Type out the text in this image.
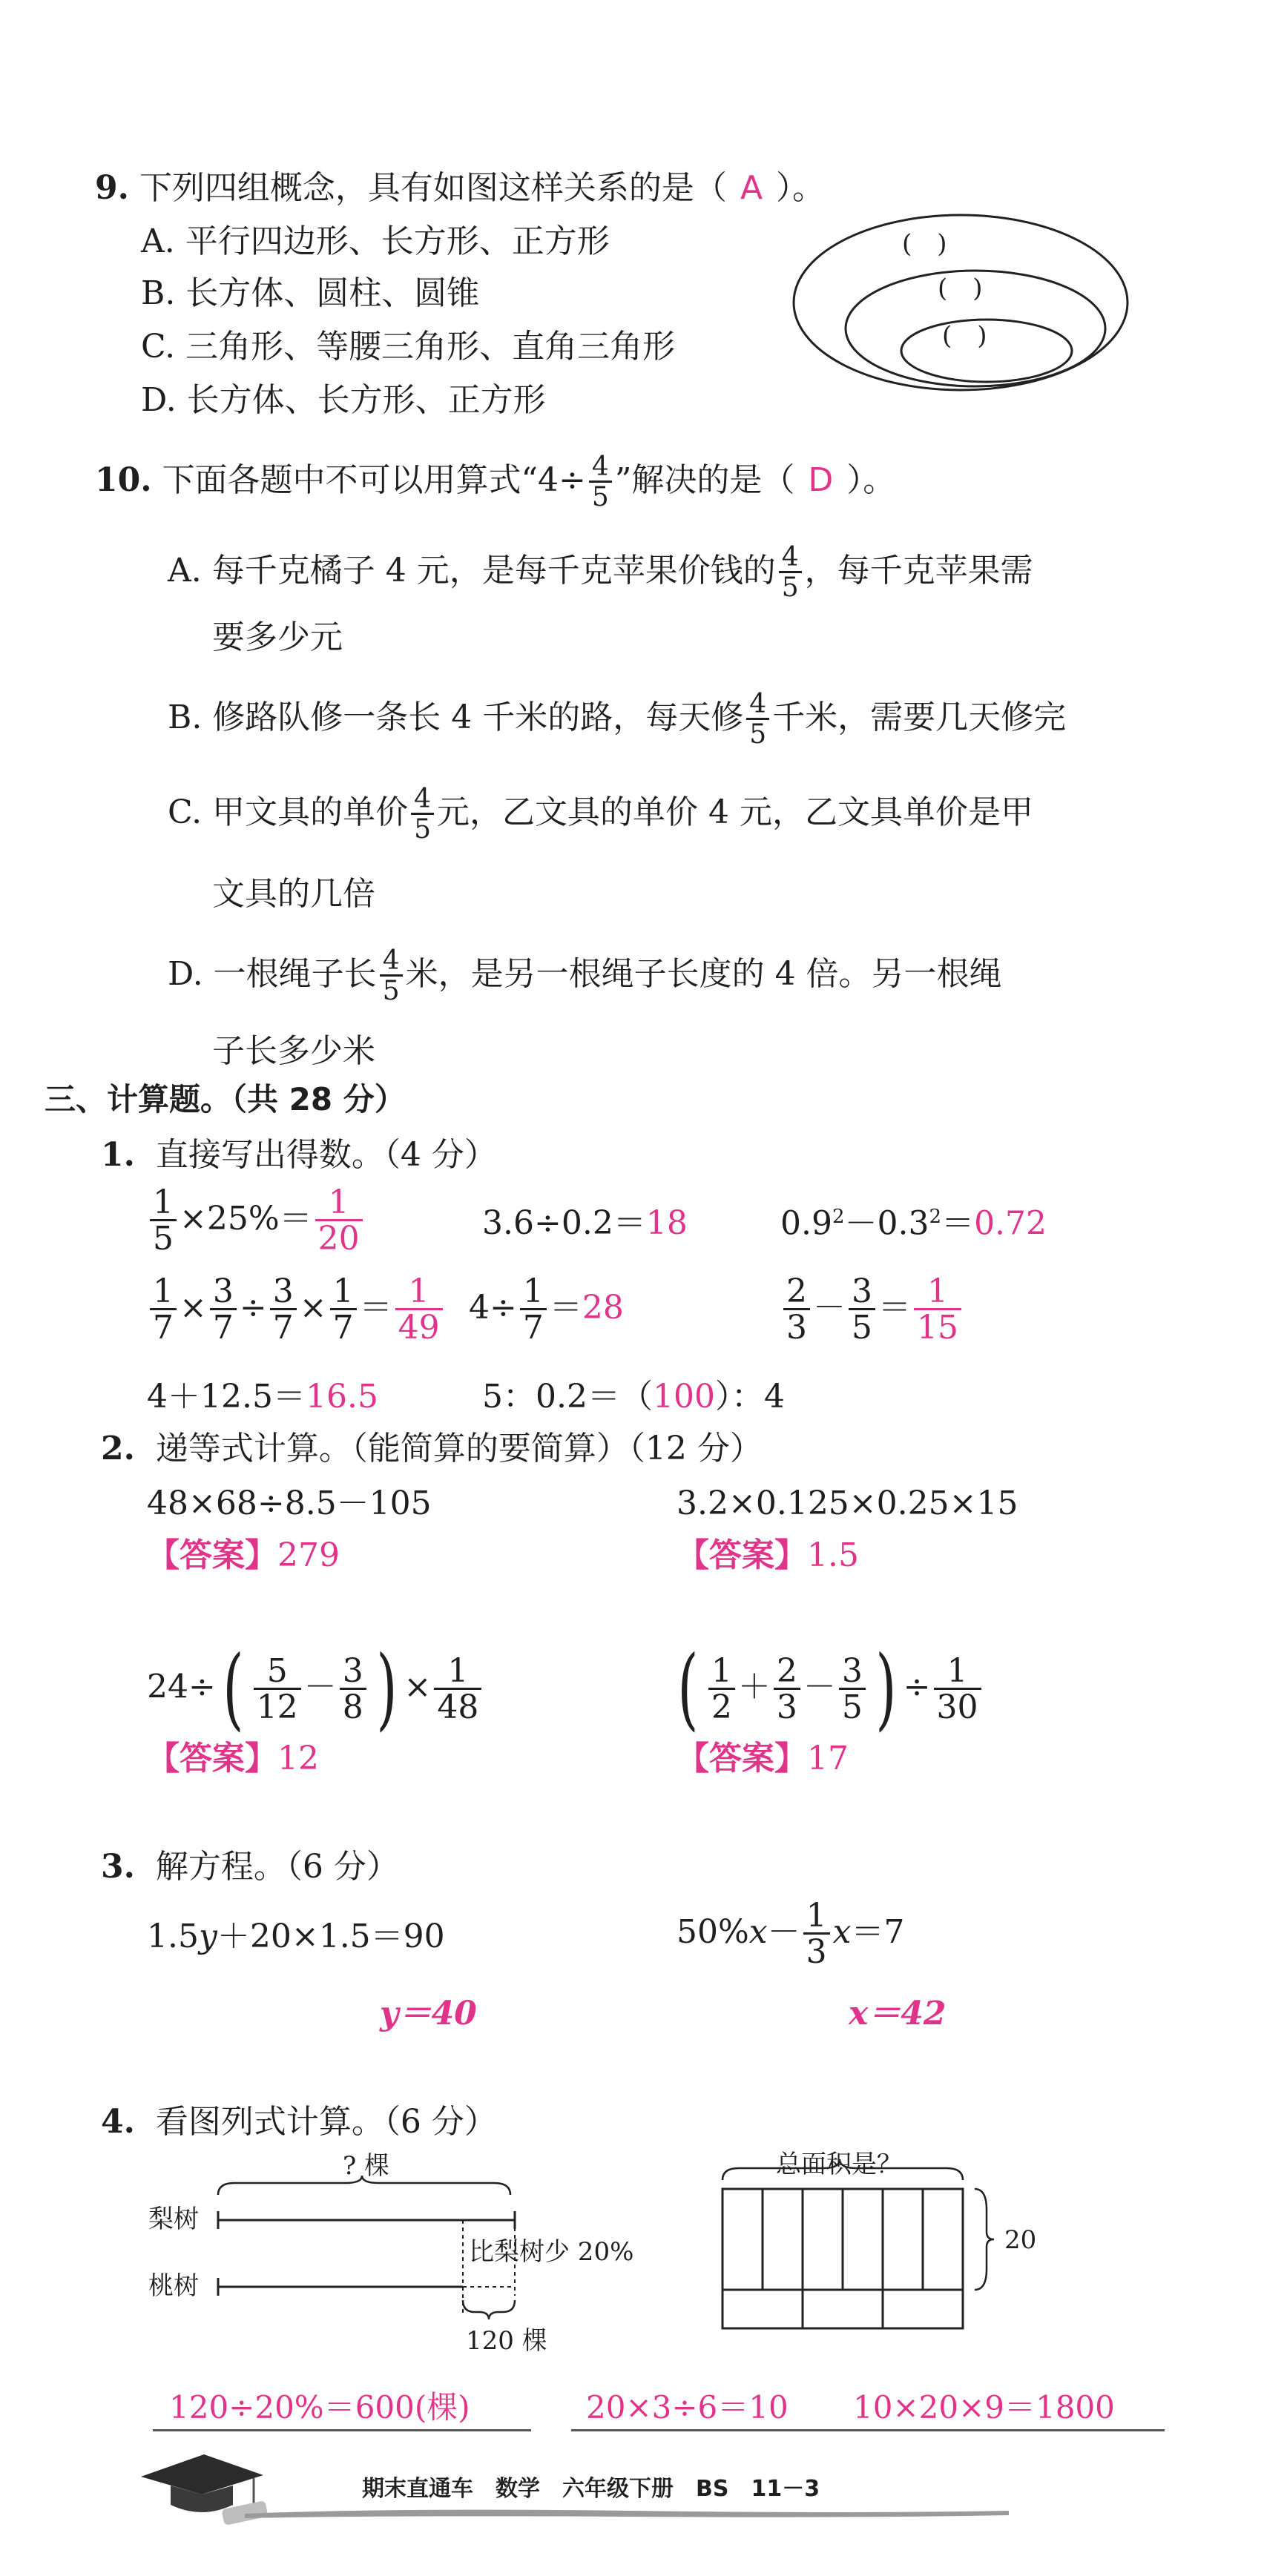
9. 下列四组概念，具有如图这样关系的是（ A ）。
A. 平行四边形、长方形、正方形
B. 长方体、圆柱、圆锥
C. 三角形、等腰三角形、直角三角形
D. 长方体、长方形、正方形
(　)
(　)
(　)
10. 下面各题中不可以用算式“$4\div \frac{4}{5}$ ”解决的是（ D ）。
A. 每千克橘子 4 元，是每千克苹果价钱的 $\frac{4}{5}$ ，每千克苹果需
要多少元
B. 修路队修一条长 4 千米的路，每天修 $\frac{4}{5}$ 千米，需要几天修完
C. 甲文具的单价 $\frac{4}{5}$ 元，乙文具的单价 4 元，乙文具单价是甲
文具的几倍
D. 一根绳子长 $\frac{4}{5}$ 米，是另一根绳子长度的 4 倍。另一根绳
子长多少米
三、计算题。（共 28 分）
1. 直接写出得数。（4 分）
$\frac{1}{5} \times 25\%= \frac{1}{20}$	3.6÷0.2＝18	$0.9^2-0.3^2=0.72$
$\frac{1}{7} \times \frac{3}{7} \div \frac{3}{7} \times \frac{1}{7} = \frac{1}{49} 4\div \frac{1}{7} =28$	$\frac{2}{3} - \frac{3}{5} = \frac{1}{15}$
4＋12.5＝16.5	5：0.2＝（100）：4
2. 递等式计算。（能简算的要简算）（12 分）
48×68÷8.5－105
【答案】279
3.2×0.125×0.25×15
【答案】1.5
$24\div( \frac{5}{12} - \frac{3}{8}$ ) × $\frac{1}{48}$
【答案】12
( $\frac{1}{2} + \frac{2}{3} - \frac{3}{5}$ ) ÷ $\frac{1}{30}$
【答案】17
3. 解方程。（6 分）
1.5y＋20×1.5＝90
y＝40
$50\%x- \frac{1}{3} x=7$
x＝42
4. 看图列式计算。（6 分）
? 棵
梨树
桃树
比梨树少 20%
120 棵
总面积是？
20
120÷20%＝600(棵)	20×3÷6＝10 10×20×9＝1800
期末直通车　数学　六年级下册　BS　11－3
